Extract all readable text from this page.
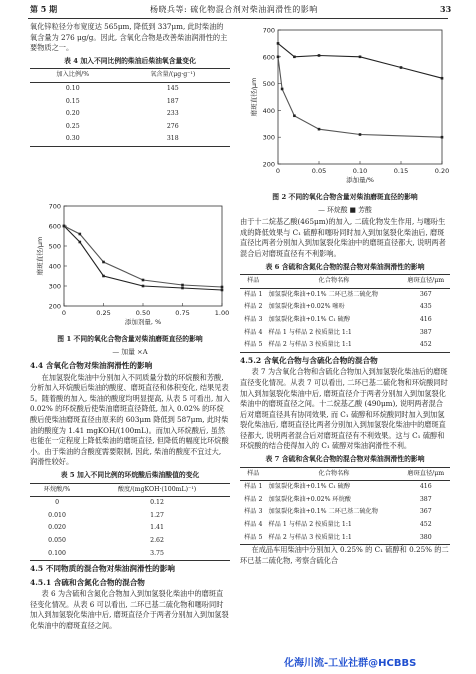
第 5 期	杨晓兵等: 硫化物混合剂对柴油润滑性的影响	33

氧化锌粒径分布宽度达 565μm, 降低到 337μm, 此时柴油的氧含量为 276 μg/g。因此, 含氧化合物是改善柴油润滑性的主要物质之一。

表 4 加入不同比例的柴油后柴油氧含量变化
加入比例/%	氧含量/(μg·g⁻¹)
0.10	145
0.15	187
0.20	233
0.25	276
0.30	318
200
300
400
500
600
700
0	0.25	0.50	0.75	1.00
添加剂量, %
磨斑直径/μm
图 1 不同的氧化合物含量对柴油磨斑直径的影响
— 加量 ×A
4.4 含氧化合物对柴油润滑性的影响

在加氢裂化柴油中分别加入不同质量分数的环烷酸和芳酸, 分析加入环烷酸后柴油的酸度、磨斑直径和体积变化, 结果见表 5。随着酸的加入, 柴油的酸度均明显提高, 从表 5 可看出, 加入 0.02% 的环烷酸后使柴油磨斑直径降低, 加入 0.02% 的环烷酸后使柴油磨斑直径由原来的 603μm 降低到 587μm, 此时柴油的酸度为 1.41 mgKOH/(100mL)。而加入环烷酸后, 虽然也能在一定程度上降低柴油的磨斑直径, 但降低的幅度比环烷酸小。由于柴油的含酸度需要限制, 因此, 柴油的酸度不宜过大, 润滑性较好。

表 5 加入不同比例的环烷酸后柴油酸值的变化
环烷酸/%	酸度/(mgKOH·(100mL)⁻¹)
0	0.12
0.010	1.27
0.020	1.41
0.050	2.62
0.100	3.75
4.5 不同物质的混合物对柴油润滑性的影响
4.5.1 含硫和含氮化合物的混合物

表 6 为含硫和含氮化合物加入到加氢裂化柴油中的磨斑直径变化情况。从表 6 可以看出, 二环已基二硫化物和噻吩同时加入到加氢裂化柴油中后, 磨斑直径介于两者分别加入到加氢裂化柴油中的磨斑直径之间。

200
300
400
500
600
700
0	0.05	0.10	0.15	0.20
添加量/%
磨斑直径/μm
图 2 不同的氧化合物含量对柴油磨斑直径的影响
— 环烷酸 ■ 芳酸

由于十二烷基乙酸(465μm)的加入, 二硫化物发生作用, 与噻吩生成的降低效果与 C₁ 硫醇和噻吩同时加入到加氢裂化柴油后, 磨斑直径比两者分别加入到加氢裂化柴油中的磨斑直径都大, 说明两者混合后对磨斑直径有不利影响。

表 6 含硫和含氮化合物的混合物对柴油润滑性的影响
样品	化合物名称	磨斑直径/μm
样品 1	加氢裂化柴油+0.1% 二环已基二硫化物	367
样品 2	加氢裂化柴油+0.02% 噻吩	435
样品 3	加氢裂化柴油+0.1% C₁ 硫醇	416
样品 4	样品 1 与样品 2 按质量比 1:1	387
样品 5	样品 2 与样品 3 按质量比 1:1	452
4.5.2 含氧化合物与含硫化合物的混合物

表 7 为含氧化合物和含硫化合物加入到加氢裂化柴油后的磨斑直径变化情况。从表 7 可以看出, 二环已基二硫化物和环烷酸同时加入到加氢裂化柴油中后, 磨斑直径介于两者分别加入到加氢裂化柴油中的磨斑直径之间。十二烷基乙酸 (490μm), 说明两者混合后对磨斑直径具有协同效果, 而 C₁ 硫醇和环烷酸同时加入到加氢裂化柴油后, 磨斑直径比两者分别加入到加氢裂化柴油中的磨斑直径都大, 说明两者混合后对磨斑直径有不利效果。这与 C₁ 硫醇和环烷酸的结合使得加入的 C₁ 硫醇对柴油润滑性不利。

表 7 含硫和含氧化合物的混合物对柴油润滑性的影响
样品	化合物名称	磨斑直径/μm
样品 1	加氢裂化柴油+0.1% C₁ 硫醇	416
样品 2	加氢裂化柴油+0.02% 环烷酸	387
样品 3	加氢裂化柴油+0.1% 二环已基二硫化物	367
样品 4	样品 1 与样品 2 按质量比 1:1	452
样品 5	样品 2 与样品 3 按质量比 1:1	380

在成品车用柴油中分别加入 0.25% 的 C₁ 硫醇和 0.25% 的二环已基二硫化物, 考察含硫化合

化海川流-工业社群@HCBBS
